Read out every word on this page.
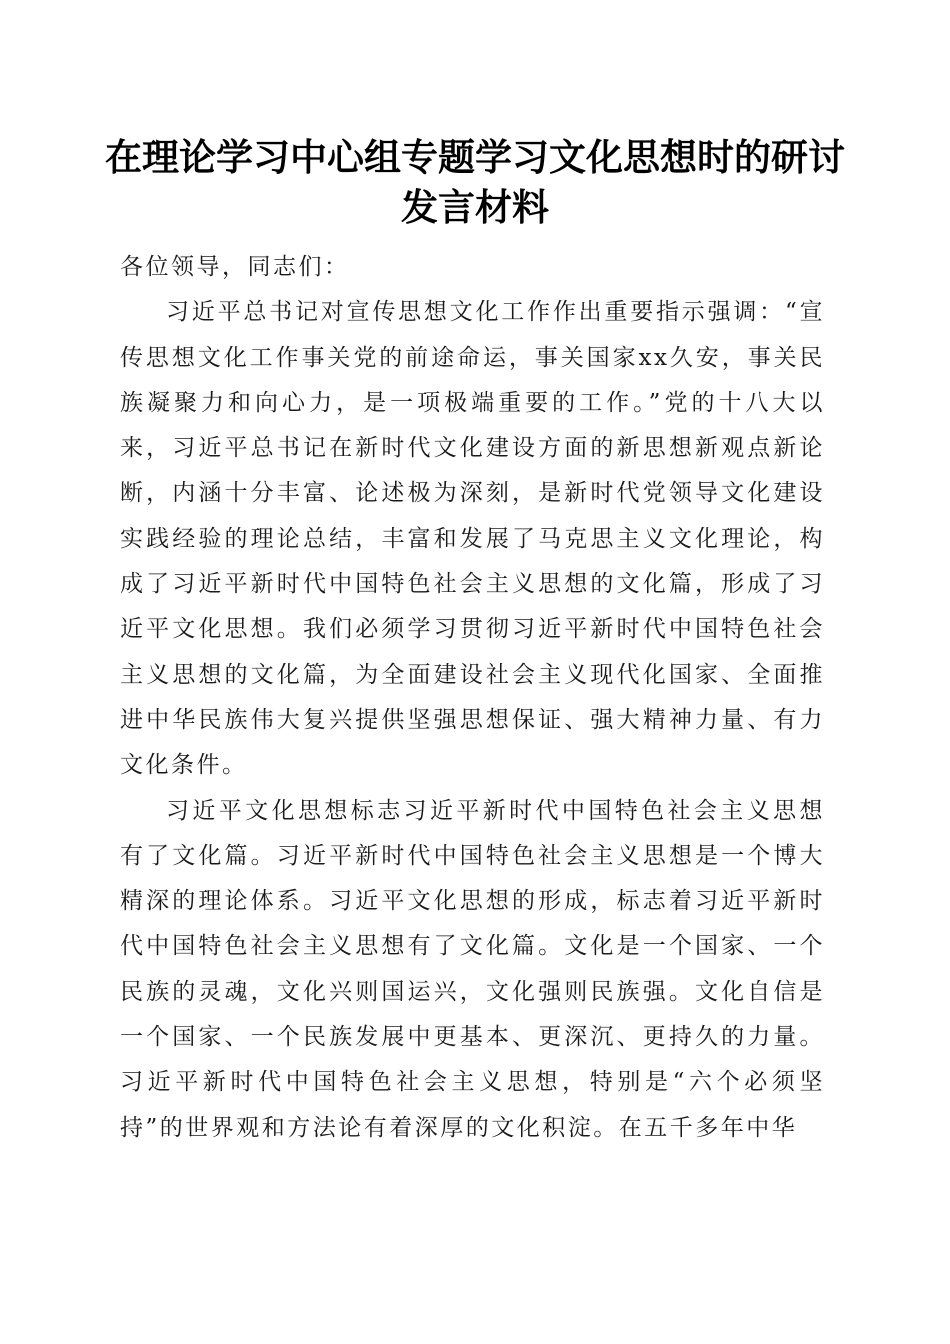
在理论学习中心组专题学习文化思想时的研讨发言材料

各位领导，同志们：

习近平总书记对宣传思想文化工作作出重要指示强调：“宣传思想文化工作事关党的前途命运，事关国家xx久安，事关民族凝聚力和向心力，是一项极端重要的工作。”党的十八大以来，习近平总书记在新时代文化建设方面的新思想新观点新论断，内涵十分丰富、论述极为深刻，是新时代党领导文化建设实践经验的理论总结，丰富和发展了马克思主义文化理论，构成了习近平新时代中国特色社会主义思想的文化篇，形成了习近平文化思想。我们必须学习贯彻习近平新时代中国特色社会主义思想的文化篇，为全面建设社会主义现代化国家、全面推进中华民族伟大复兴提供坚强思想保证、强大精神力量、有力文化条件。

习近平文化思想标志习近平新时代中国特色社会主义思想有了文化篇。习近平新时代中国特色社会主义思想是一个博大精深的理论体系。习近平文化思想的形成，标志着习近平新时代中国特色社会主义思想有了文化篇。文化是一个国家、一个民族的灵魂，文化兴则国运兴，文化强则民族强。文化自信是一个国家、一个民族发展中更基本、更深沉、更持久的力量。习近平新时代中国特色社会主义思想，特别是“六个必须坚持”的世界观和方法论有着深厚的文化积淀。在五千多年中华
